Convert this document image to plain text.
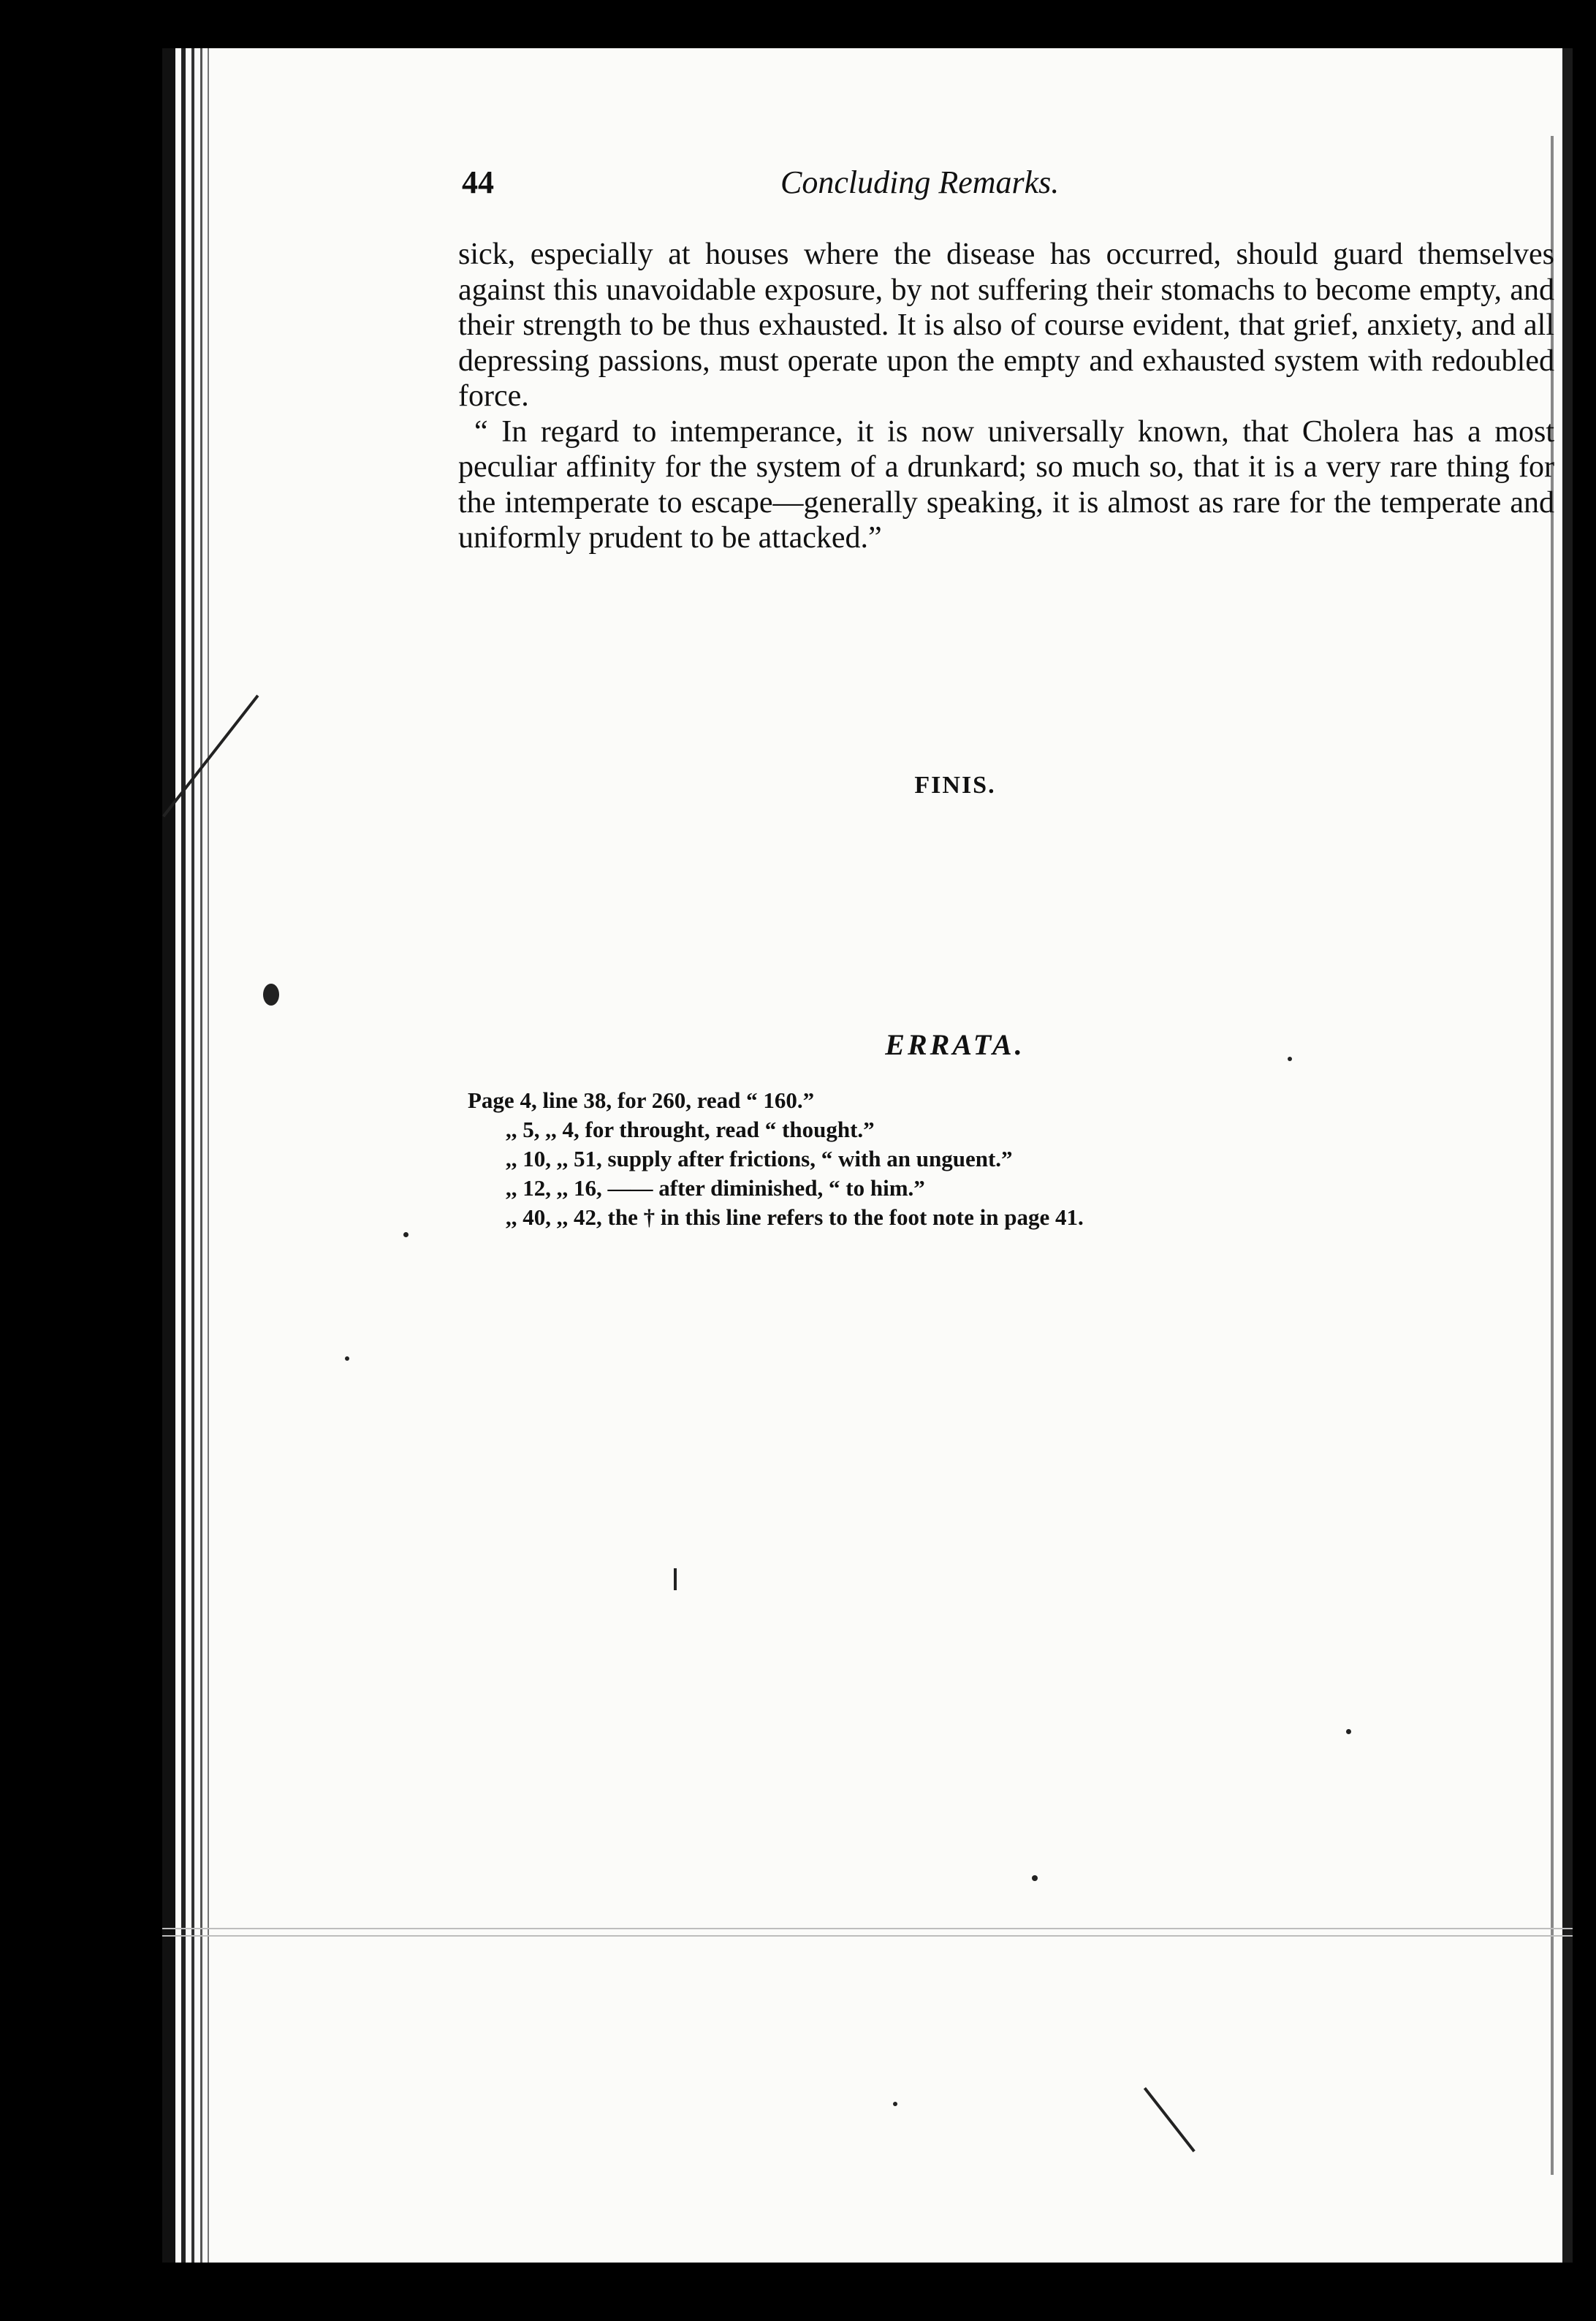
44	Concluding Remarks.

sick, especially at houses where the disease has occurred, should guard themselves against this unavoidable exposure, by not suffering their stomachs to become empty, and their strength to be thus exhausted. It is also of course evident, that grief, anxiety, and all depressing passions, must operate upon the empty and exhausted system with redoubled force.

“ In regard to intemperance, it is now universally known, that Cholera has a most peculiar affinity for the system of a drunkard; so much so, that it is a very rare thing for the intemperate to escape—generally speaking, it is almost as rare for the temperate and uniformly prudent to be attacked.”

FINIS.
ERRATA.
Page 4, line 38, for 260, read “ 160.”
,, 5, ,, 4, for throught, read “ thought.”
,, 10, ,, 51, supply after frictions, “ with an unguent.”
,, 12, ,, 16, —— after diminished, “ to him.”
,, 40, ,, 42, the † in this line refers to the foot note in page 41.
